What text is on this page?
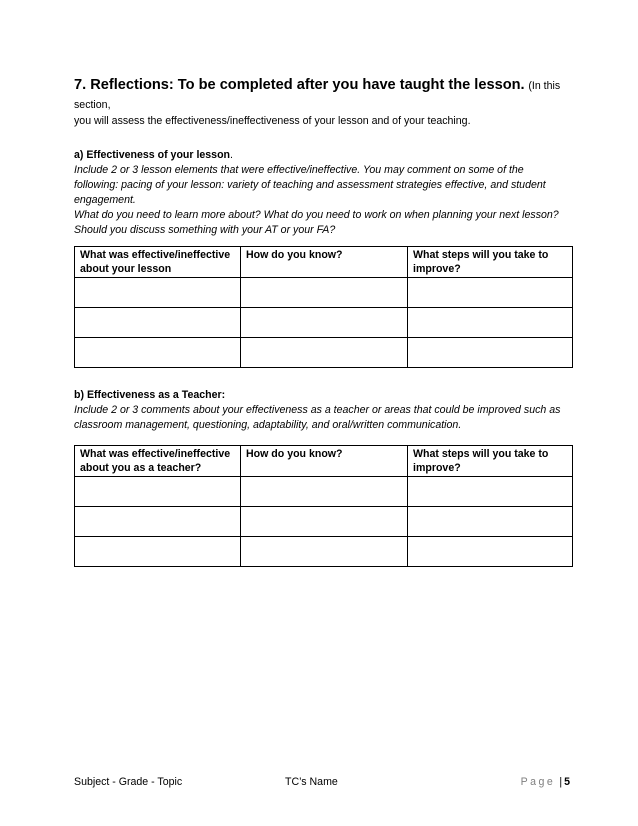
7. Reflections: To be completed after you have taught the lesson. (In this section,

you will assess the effectiveness/ineffectiveness of your lesson and of your teaching.

a) Effectiveness of your lesson.

Include 2 or 3 lesson elements that were effective/ineffective. You may comment on some of the

following: pacing of your lesson: variety of teaching and assessment strategies effective, and student

engagement.

What do you need to learn more about? What do you need to work on when planning your next lesson?

Should you discuss something with your AT or your FA?

What was effective/ineffective about your lesson	How do you know?	What steps will you take to improve?

b) Effectiveness as a Teacher:

Include 2 or 3 comments about your effectiveness as a teacher or areas that could be improved such as

classroom management, questioning, adaptability, and oral/written communication.

What was effective/ineffective about you as a teacher?	How do you know?	What steps will you take to improve?

Subject - Grade - Topic	TC’s Name	Page | 5
